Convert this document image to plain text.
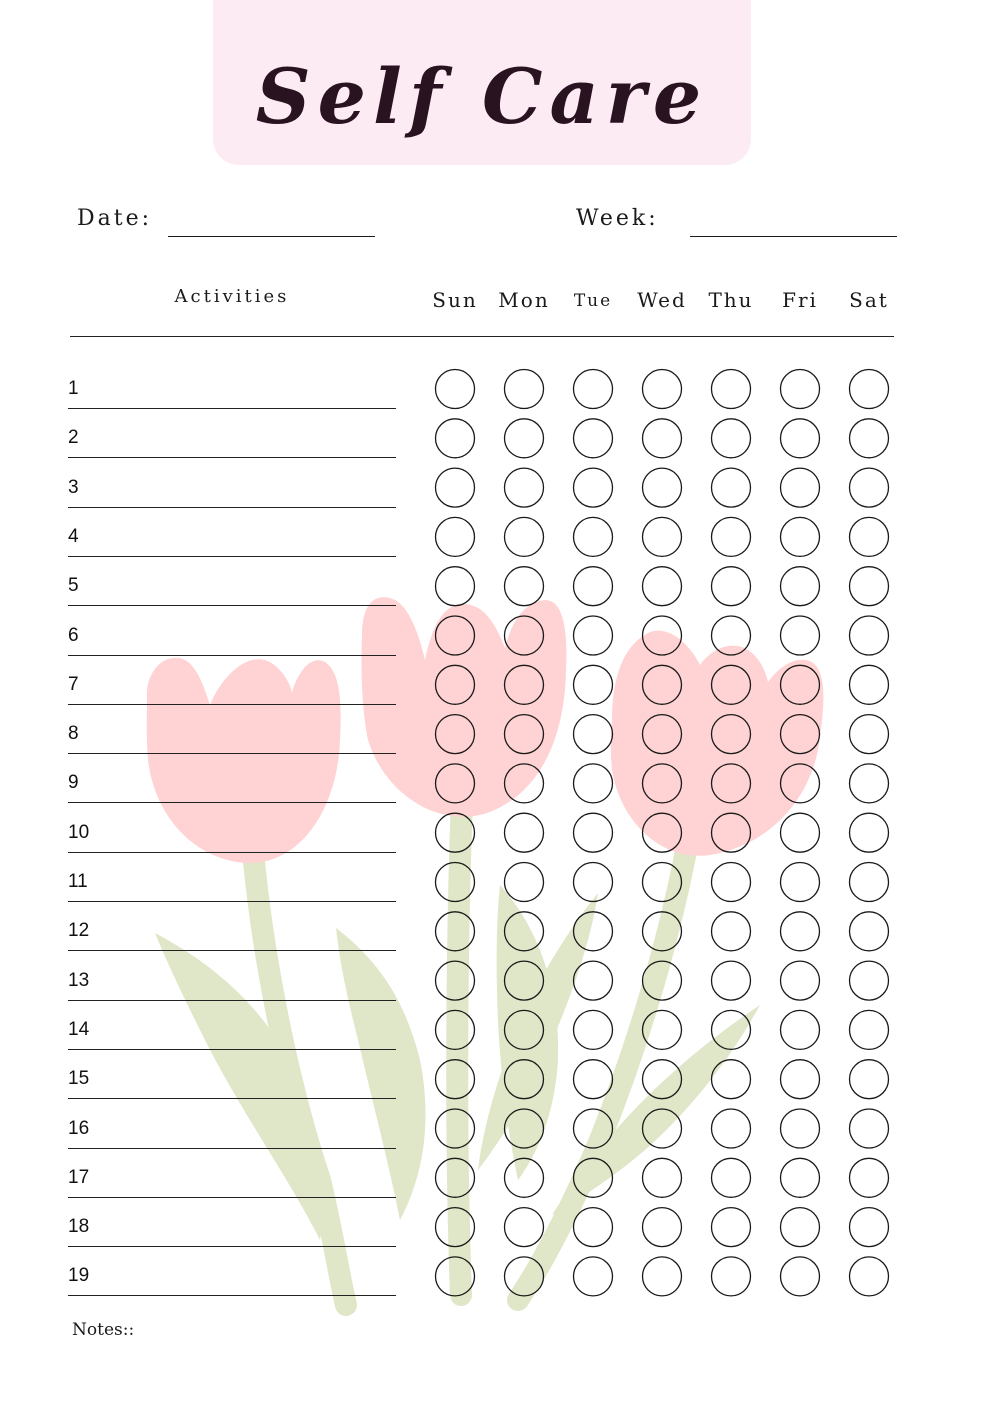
Self Care
Date:	Week:
Activities	Sun	Mon	Tue	Wed	Thu	Fri	Sat
1
2
3
4
5
6
7
8
9
10
11
12
13
14
15
16
17
18
19
Notes::
